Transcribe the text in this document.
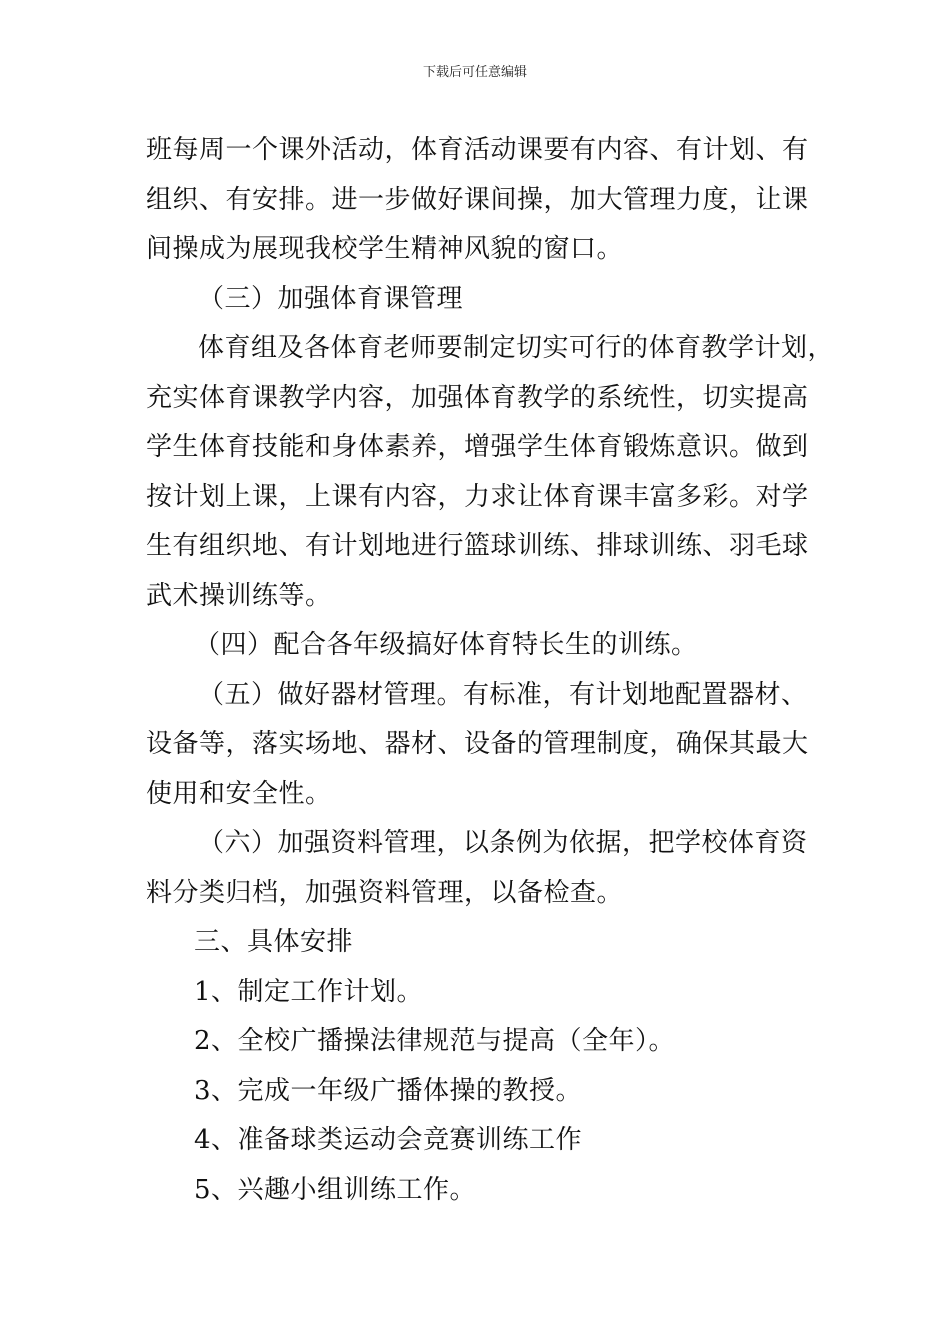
下载后可任意编辑
班每周一个课外活动，体育活动课要有内容、有计划、有
组织、有安排。进一步做好课间操，加大管理力度，让课
间操成为展现我校学生精神风貌的窗口。
（三）加强体育课管理
体育组及各体育老师要制定切实可行的体育教学计划，
充实体育课教学内容，加强体育教学的系统性，切实提高
学生体育技能和身体素养，增强学生体育锻炼意识。做到
按计划上课，上课有内容，力求让体育课丰富多彩。对学
生有组织地、有计划地进行篮球训练、排球训练、羽毛球
武术操训练等。
（四）配合各年级搞好体育特长生的训练。
（五）做好器材管理。有标准，有计划地配置器材、
设备等，落实场地、器材、设备的管理制度，确保其最大
使用和安全性。
（六）加强资料管理，以条例为依据，把学校体育资
料分类归档，加强资料管理，以备检查。
三、具体安排
1、制定工作计划。
2、全校广播操法律规范与提高（全年）。
3、完成一年级广播体操的教授。
4、准备球类运动会竞赛训练工作
5、兴趣小组训练工作。
